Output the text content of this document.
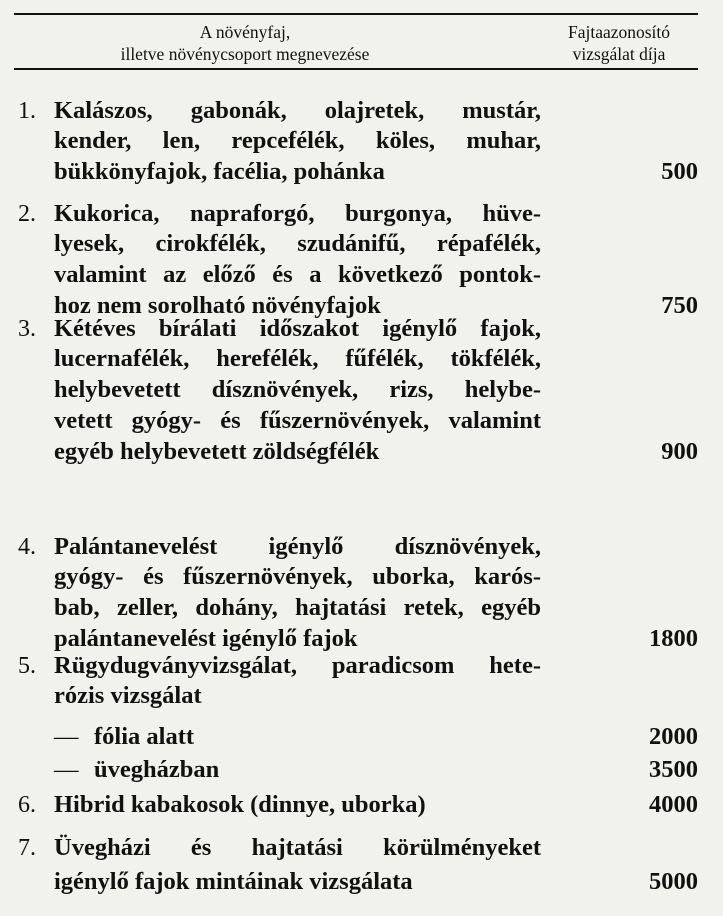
A növényfaj,
illetve növénycsoport megnevezése
Fajtaazonosító
vizsgálat díja
1. Kalászos, gabonák, olajretek, mustár,
kender, len, repcefélék, köles, muhar,
bükkönyfajok, facélia, pohánka	500
2. Kukorica, napraforgó, burgonya, hüve-
lyesek, cirokfélék, szudánifű, répafélék,
valamint az előző és a következő pontok-
hoz nem sorolható növényfajok	750
3. Kétéves bírálati időszakot igénylő fajok,
lucernafélék, herefélék, fűfélék, tökfélék,
helybevetett dísznövények, rizs, helybe-
vetett gyógy- és fűszernövények, valamint
egyéb helybevetett zöldségfélék	900
4. Palántanevelést igénylő dísznövények,
gyógy- és fűszernövények, uborka, karós-
bab, zeller, dohány, hajtatási retek, egyéb
palántanevelést igénylő fajok	1800
5. Rügydugványvizsgálat, paradicsom hete-
rózis vizsgálat
— fólia alatt	2000
— üvegházban	3500
6. Hibrid kabakosok (dinnye, uborka)	4000
7. Üvegházi és hajtatási körülményeket
igénylő fajok mintáinak vizsgálata	5000
